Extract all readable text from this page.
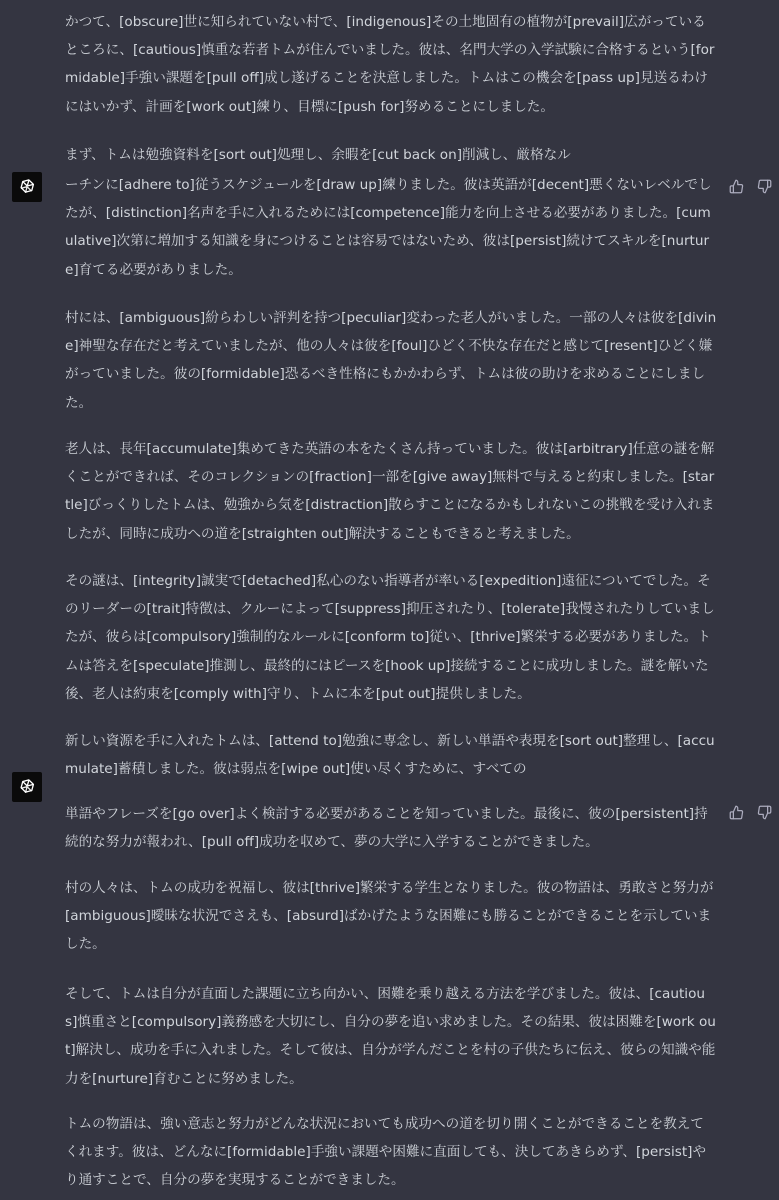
かつて、[obscure]世に知られていない村で、[indigenous]その土地固有の植物が[prevail]広がっているところに、[cautious]慎重な若者トムが住んでいました。彼は、名門大学の入学試験に合格するという[formidable]手強い課題を[pull off]成し遂げることを決意しました。トムはこの機会を[pass up]見送るわけにはいかず、計画を[work out]練り、目標に[push for]努めることにしました。

まず、トムは勉強資料を[sort out]処理し、余暇を[cut back on]削減し、厳格なル

ーチンに[adhere to]従うスケジュールを[draw up]練りました。彼は英語が[decent]悪くないレベルでしたが、[distinction]名声を手に入れるためには[competence]能力を向上させる必要がありました。[cumulative]次第に増加する知識を身につけることは容易ではないため、彼は[persist]続けてスキルを[nurture]育てる必要がありました。

村には、[ambiguous]紛らわしい評判を持つ[peculiar]変わった老人がいました。一部の人々は彼を[divine]神聖な存在だと考えていましたが、他の人々は彼を[foul]ひどく不快な存在だと感じて[resent]ひどく嫌がっていました。彼の[formidable]恐るべき性格にもかかわらず、トムは彼の助けを求めることにしました。

老人は、長年[accumulate]集めてきた英語の本をたくさん持っていました。彼は[arbitrary]任意の謎を解くことができれば、そのコレクションの[fraction]一部を[give away]無料で与えると約束しました。[startle]びっくりしたトムは、勉強から気を[distraction]散らすことになるかもしれないこの挑戦を受け入れましたが、同時に成功への道を[straighten out]解決することもできると考えました。

その謎は、[integrity]誠実で[detached]私心のない指導者が率いる[expedition]遠征についてでした。そのリーダーの[trait]特徴は、クルーによって[suppress]抑圧されたり、[tolerate]我慢されたりしていましたが、彼らは[compulsory]強制的なルールに[conform to]従い、[thrive]繁栄する必要がありました。トムは答えを[speculate]推測し、最終的にはピースを[hook up]接続することに成功しました。謎を解いた後、老人は約束を[comply with]守り、トムに本を[put out]提供しました。

新しい資源を手に入れたトムは、[attend to]勉強に専念し、新しい単語や表現を[sort out]整理し、[accumulate]蓄積しました。彼は弱点を[wipe out]使い尽くすために、すべての

単語やフレーズを[go over]よく検討する必要があることを知っていました。最後に、彼の[persistent]持続的な努力が報われ、[pull off]成功を収めて、夢の大学に入学することができました。

村の人々は、トムの成功を祝福し、彼は[thrive]繁栄する学生となりました。彼の物語は、勇敢さと努力が[ambiguous]曖昧な状況でさえも、[absurd]ばかげたような困難にも勝ることができることを示していました。

そして、トムは自分が直面した課題に立ち向かい、困難を乗り越える方法を学びました。彼は、[cautious]慎重さと[compulsory]義務感を大切にし、自分の夢を追い求めました。その結果、彼は困難を[work out]解決し、成功を手に入れました。そして彼は、自分が学んだことを村の子供たちに伝え、彼らの知識や能力を[nurture]育むことに努めました。

トムの物語は、強い意志と努力がどんな状況においても成功への道を切り開くことができることを教えてくれます。彼は、どんなに[formidable]手強い課題や困難に直面しても、決してあきらめず、[persist]やり通すことで、自分の夢を実現することができました。
